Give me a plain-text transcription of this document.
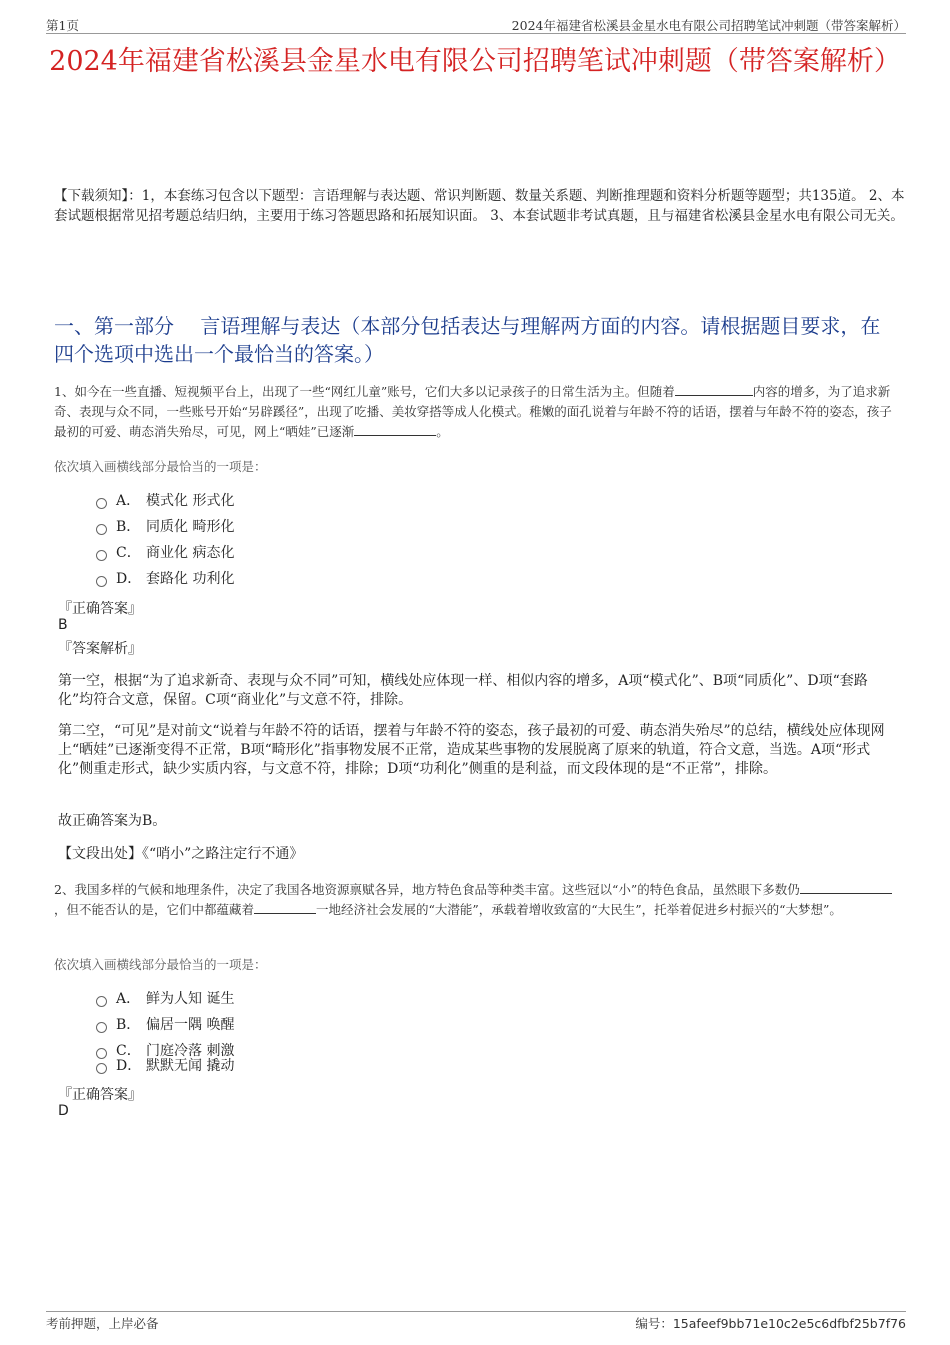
第1页	2024年福建省松溪县金星水电有限公司招聘笔试冲刺题（带答案解析）
2024年福建省松溪县金星水电有限公司招聘笔试冲刺题（带答案解析）
【下载须知】：1，本套练习包含以下题型：言语理解与表达题、常识判断题、数量关系题、判断推理题和资料分析题等题型；共135道。 2、本套试题根据常见招考题总结归纳，主要用于练习答题思路和拓展知识面。 3、本套试题非考试真题，且与福建省松溪县金星水电有限公司无关。
一、第一部分　 言语理解与表达（本部分包括表达与理解两方面的内容。请根据题目要求，在四个选项中选出一个最恰当的答案。）
1、如今在一些直播、短视频平台上，出现了一些“网红儿童”账号，它们大多以记录孩子的日常生活为主。但随着	内容的增多，为了追求新奇、表现与众不同，一些账号开始“另辟蹊径”，出现了吃播、美妆穿搭等成人化模式。稚嫩的面孔说着与年龄不符的话语，摆着与年龄不符的姿态，孩子最初的可爱、萌态消失殆尽，可见，网上“晒娃”已逐渐	。
依次填入画横线部分最恰当的一项是：
A． 模式化 形式化
B． 同质化 畸形化
C． 商业化 病态化
D． 套路化 功利化
『正确答案』
B
『答案解析』
第一空，根据“为了追求新奇、表现与众不同”可知，横线处应体现一样、相似内容的增多，A项“模式化”、B项“同质化”、D项“套路化”均符合文意，保留。C项“商业化”与文意不符，排除。
第二空，“可见”是对前文“说着与年龄不符的话语，摆着与年龄不符的姿态，孩子最初的可爱、萌态消失殆尽”的总结，横线处应体现网上“晒娃”已逐渐变得不正常，B项“畸形化”指事物发展不正常，造成某些事物的发展脱离了原来的轨道，符合文意，当选。A项“形式化”侧重走形式，缺少实质内容，与文意不符，排除；D项“功利化”侧重的是利益，而文段体现的是“不正常”，排除。
故正确答案为B。
【文段出处】《“哨小”之路注定行不通》
2、我国多样的气候和地理条件，决定了我国各地资源禀赋各异，地方特色食品等种类丰富。这些冠以“小”的特色食品，虽然眼下多数仍，但不能否认的是，它们中都蕴藏着	一地经济社会发展的“大潜能”，承载着增收致富的“大民生”，托举着促进乡村振兴的“大梦想”。
依次填入画横线部分最恰当的一项是：
A． 鲜为人知 诞生
B． 偏居一隅 唤醒
C． 门庭冷落 刺激
D． 默默无闻 撬动
『正确答案』
D
考前押题，上岸必备	编号：15afeef9bb71e10c2e5c6dfbf25b7f76
